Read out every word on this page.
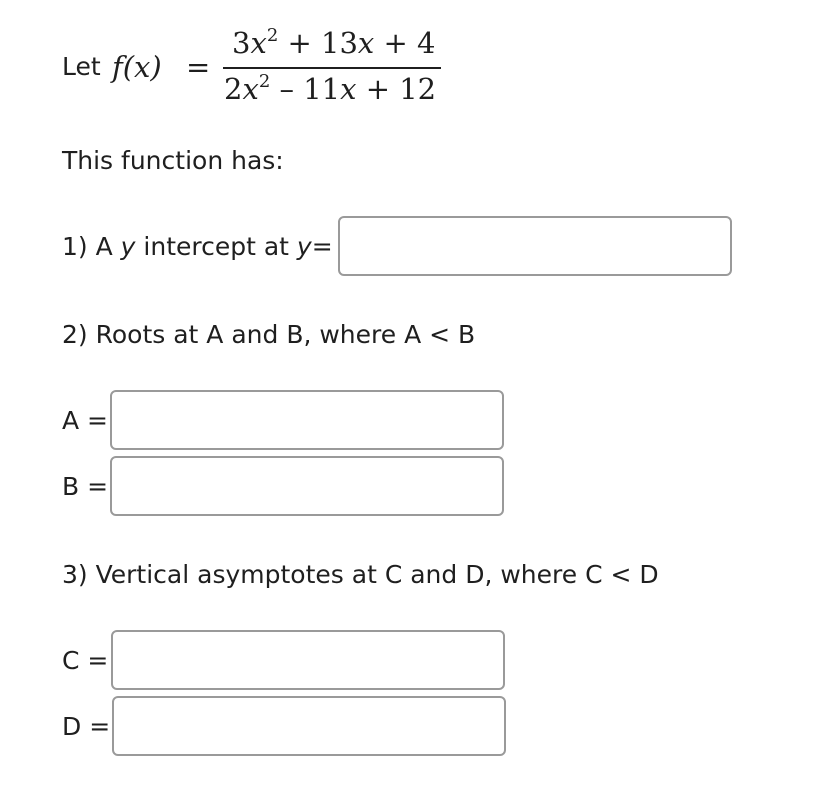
Let f(x) =
$3x^2 + 13x + 4$
$2x^2 - 11x + 12$
This function has:
1) A y intercept at y=
2) Roots at A and B, where A < B
A =
B =
3) Vertical asymptotes at C and D, where C < D
C =
D =
